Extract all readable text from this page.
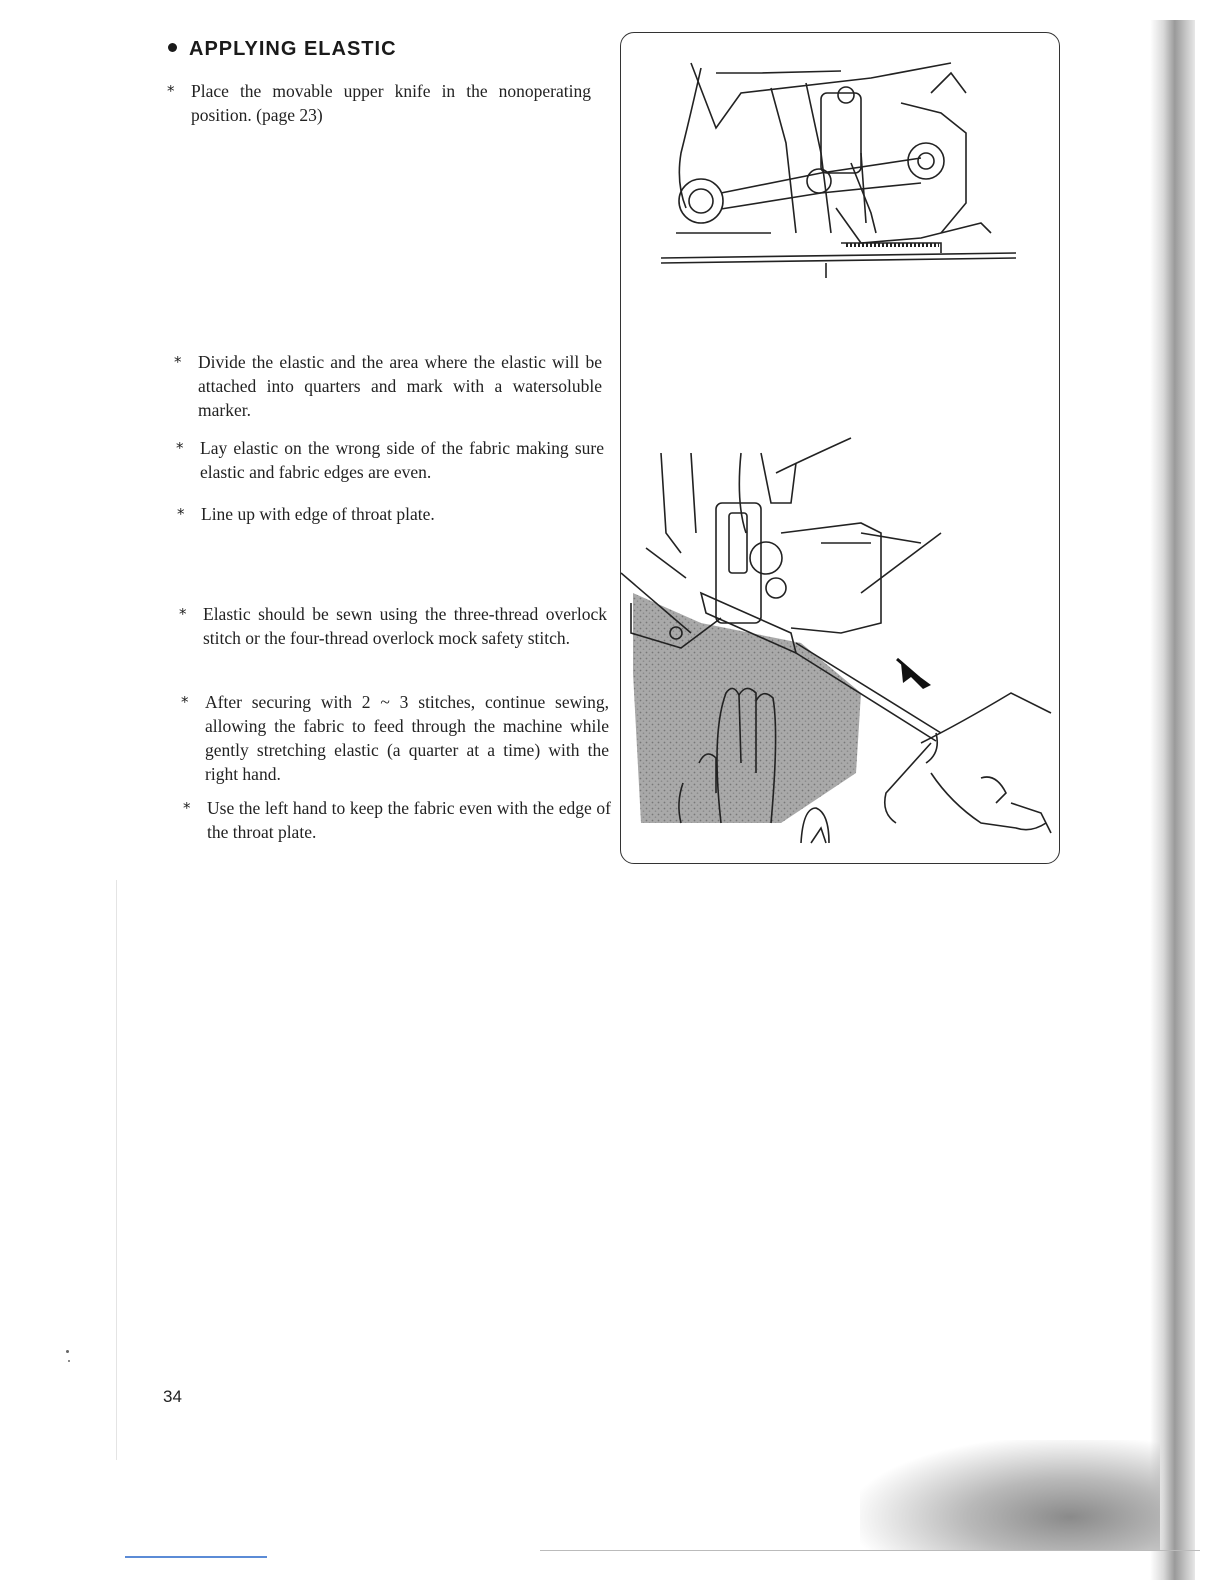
APPLYING ELASTIC
* Place the movable upper knife in the nonoperating position. (page 23)

* Divide the elastic and the area where the elastic will be attached into quarters and mark with a watersoluble marker.

* Lay elastic on the wrong side of the fabric making sure elastic and fabric edges are even.

* Line up with edge of throat plate.

* Elastic should be sewn using the three-thread overlock stitch or the four-thread overlock mock safety stitch.

* After securing with 2 ~ 3 stitches, continue sewing, allowing the fabric to feed through the machine while gently stretching elastic (a quarter at a time) with the right hand.

* Use the left hand to keep the fabric even with the edge of the throat plate.

34
